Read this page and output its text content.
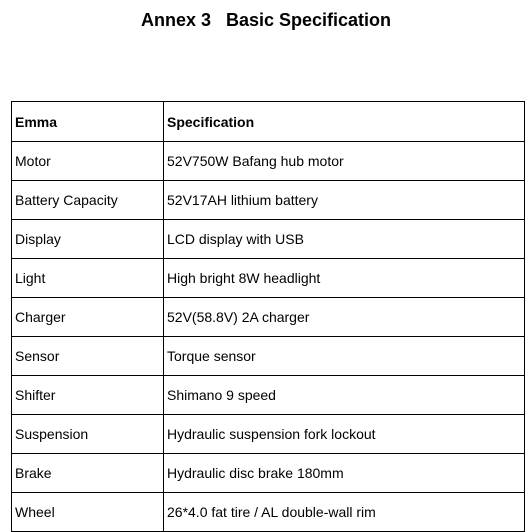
Annex 3   Basic Specification
Emma	Specification
Motor	52V750W Bafang hub motor
Battery Capacity	52V17AH lithium battery
Display	LCD display with USB
Light	High bright 8W headlight
Charger	52V(58.8V) 2A charger
Sensor	Torque sensor
Shifter	Shimano 9 speed
Suspension	Hydraulic suspension fork lockout
Brake	Hydraulic disc brake 180mm
Wheel	26*4.0 fat tire / AL double-wall rim
